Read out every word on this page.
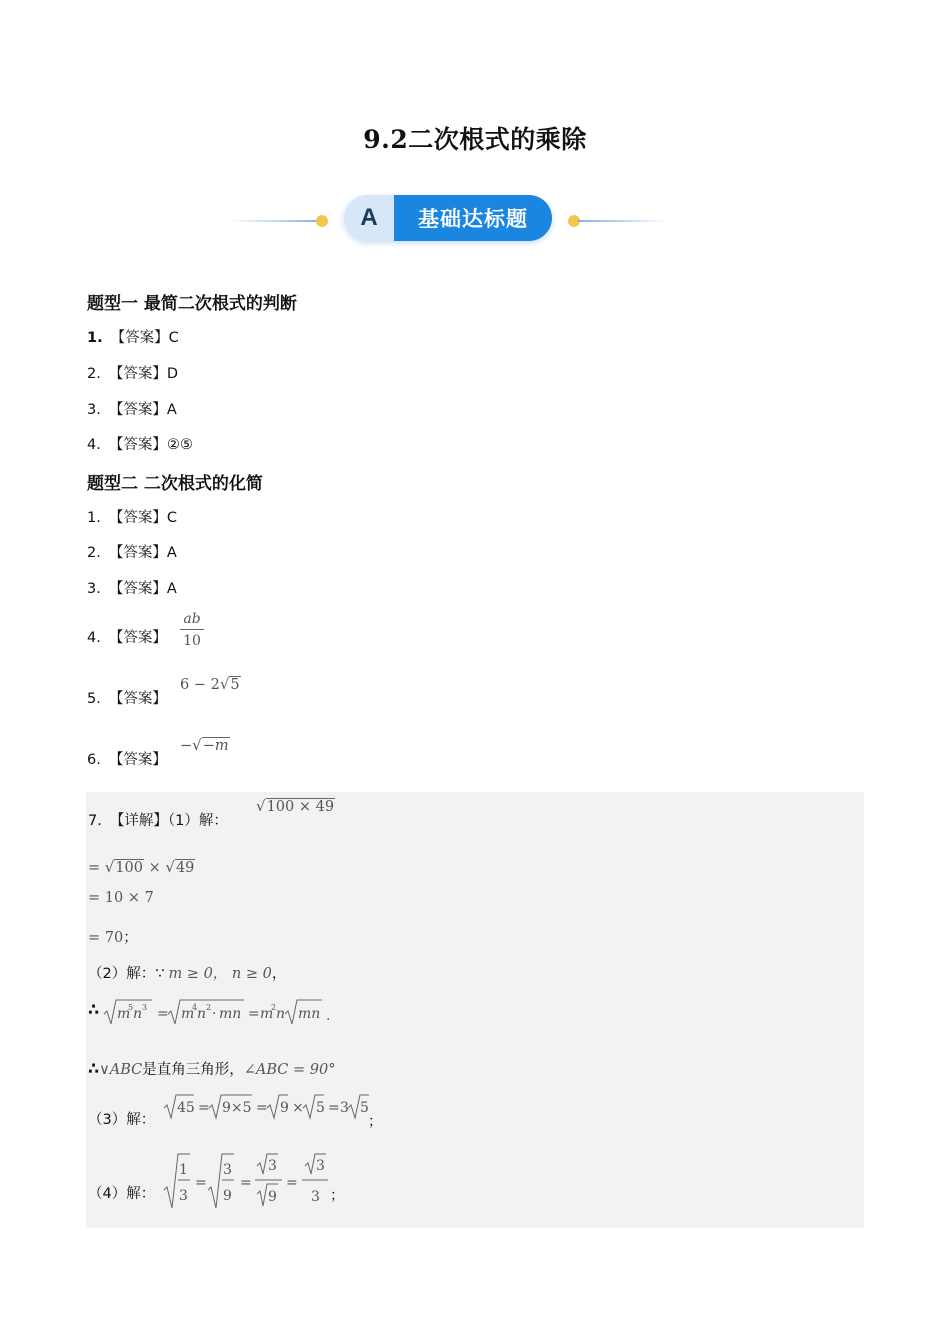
9.2二次根式的乘除
A	基础达标题
题型一 最简二次根式的判断
1. 【答案】C
2. 【答案】D
3. 【答案】A
4. 【答案】②⑤
题型二 二次根式的化简
1. 【答案】C
2. 【答案】A
3. 【答案】A
4. 【答案】
ab
10
5. 【答案】
6 − 2√5
6. 【答案】
−√−m
7. 【详解】（1）解：
√100 × 49
= √100 × √49
= 10 × 7
= 70；
（2）解：∵ m ≥ 0， n ≥ 0，
∴ m
5 n 3 = m
4 n 2 · mn = m
2 n mn .
∴∨ABC是直角三角形，∠ABC = 90°
（3）解：
45 = 9×5 = 9 × 5 = 3 5
；
（4）解：
1
3
=
3
9
=
3
9
=
3
3 ；
